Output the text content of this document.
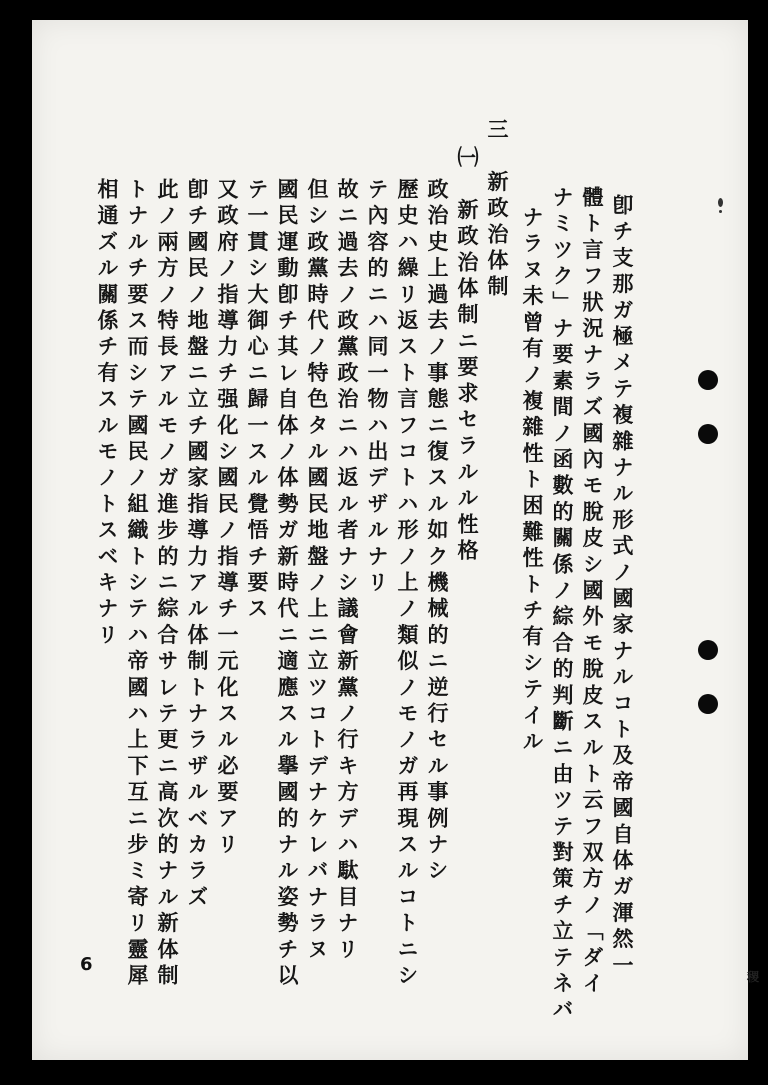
卽チ支那ガ極メテ複雜ナル形式ノ國家ナルコト及帝國自体ガ渾然一
體ト言フ狀況ナラズ國內モ脫皮シ國外モ脫皮スルト云フ双方ノ「ダイ
ナミツク」ナ要素間ノ函數的關係ノ綜合的判斷ニ由ツテ對策チ立テネバ
ナラヌ未曾有ノ複雜性ト困難性トチ有シテイル
三　新政治体制
㈠　新政治体制ニ要求セラルル性格
政治史上過去ノ事態ニ復スル如ク機械的ニ逆行セル事例ナシ
歷史ハ繰リ返スト言フコトハ形ノ上ノ類似ノモノガ再現スルコトニシ
テ內容的ニハ同一物ハ出デザルナリ
故ニ過去ノ政黨政治ニハ返ル者ナシ議會新黨ノ行キ方デハ駄目ナリ
但シ政黨時代ノ特色タル國民地盤ノ上ニ立ツコトデナケレバナラヌ
國民運動卽チ其レ自体ノ体勢ガ新時代ニ適應スル擧國的ナル姿勢チ以
テ一貫シ大御心ニ歸一スル覺悟チ要ス
又政府ノ指導力チ强化シ國民ノ指導チ一元化スル必要アリ
卽チ國民ノ地盤ニ立チ國家指導力アル体制トナラザルベカラズ
此ノ兩方ノ特長アルモノガ進步的ニ綜合サレテ更ニ高次的ナル新体制
トナルチ要ス而シテ國民ノ組織トシテハ帝國ハ上下互ニ步ミ寄リ靈犀
相通ズル關係チ有スルモノトスベキナリ
6
稷
